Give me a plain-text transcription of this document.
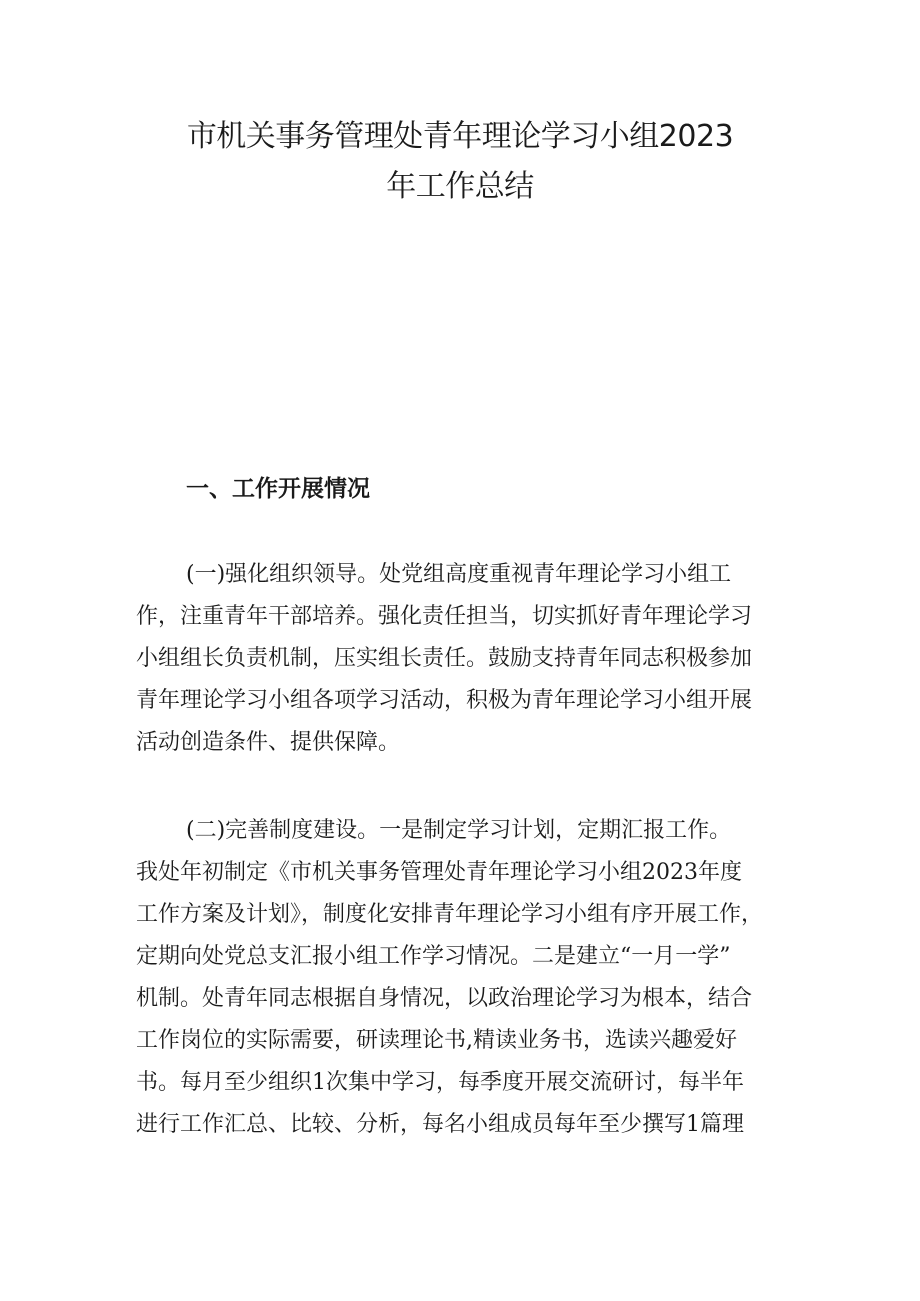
市机关事务管理处青年理论学习小组2023
年工作总结
一、工作开展情况
(一)强化组织领导。处党组高度重视青年理论学习小组工
作，注重青年干部培养。强化责任担当，切实抓好青年理论学习
小组组长负责机制，压实组长责任。鼓励支持青年同志积极参加
青年理论学习小组各项学习活动，积极为青年理论学习小组开展
活动创造条件、提供保障。
(二)完善制度建设。一是制定学习计划，定期汇报工作。
我处年初制定《市机关事务管理处青年理论学习小组2023年度
工作方案及计划》，制度化安排青年理论学习小组有序开展工作，
定期向处党总支汇报小组工作学习情况。二是建立“一月一学”
机制。处青年同志根据自身情况，以政治理论学习为根本，结合
工作岗位的实际需要，研读理论书,精读业务书，选读兴趣爱好
书。每月至少组织1次集中学习，每季度开展交流研讨，每半年
进行工作汇总、比较、分析，每名小组成员每年至少撰写1篇理
